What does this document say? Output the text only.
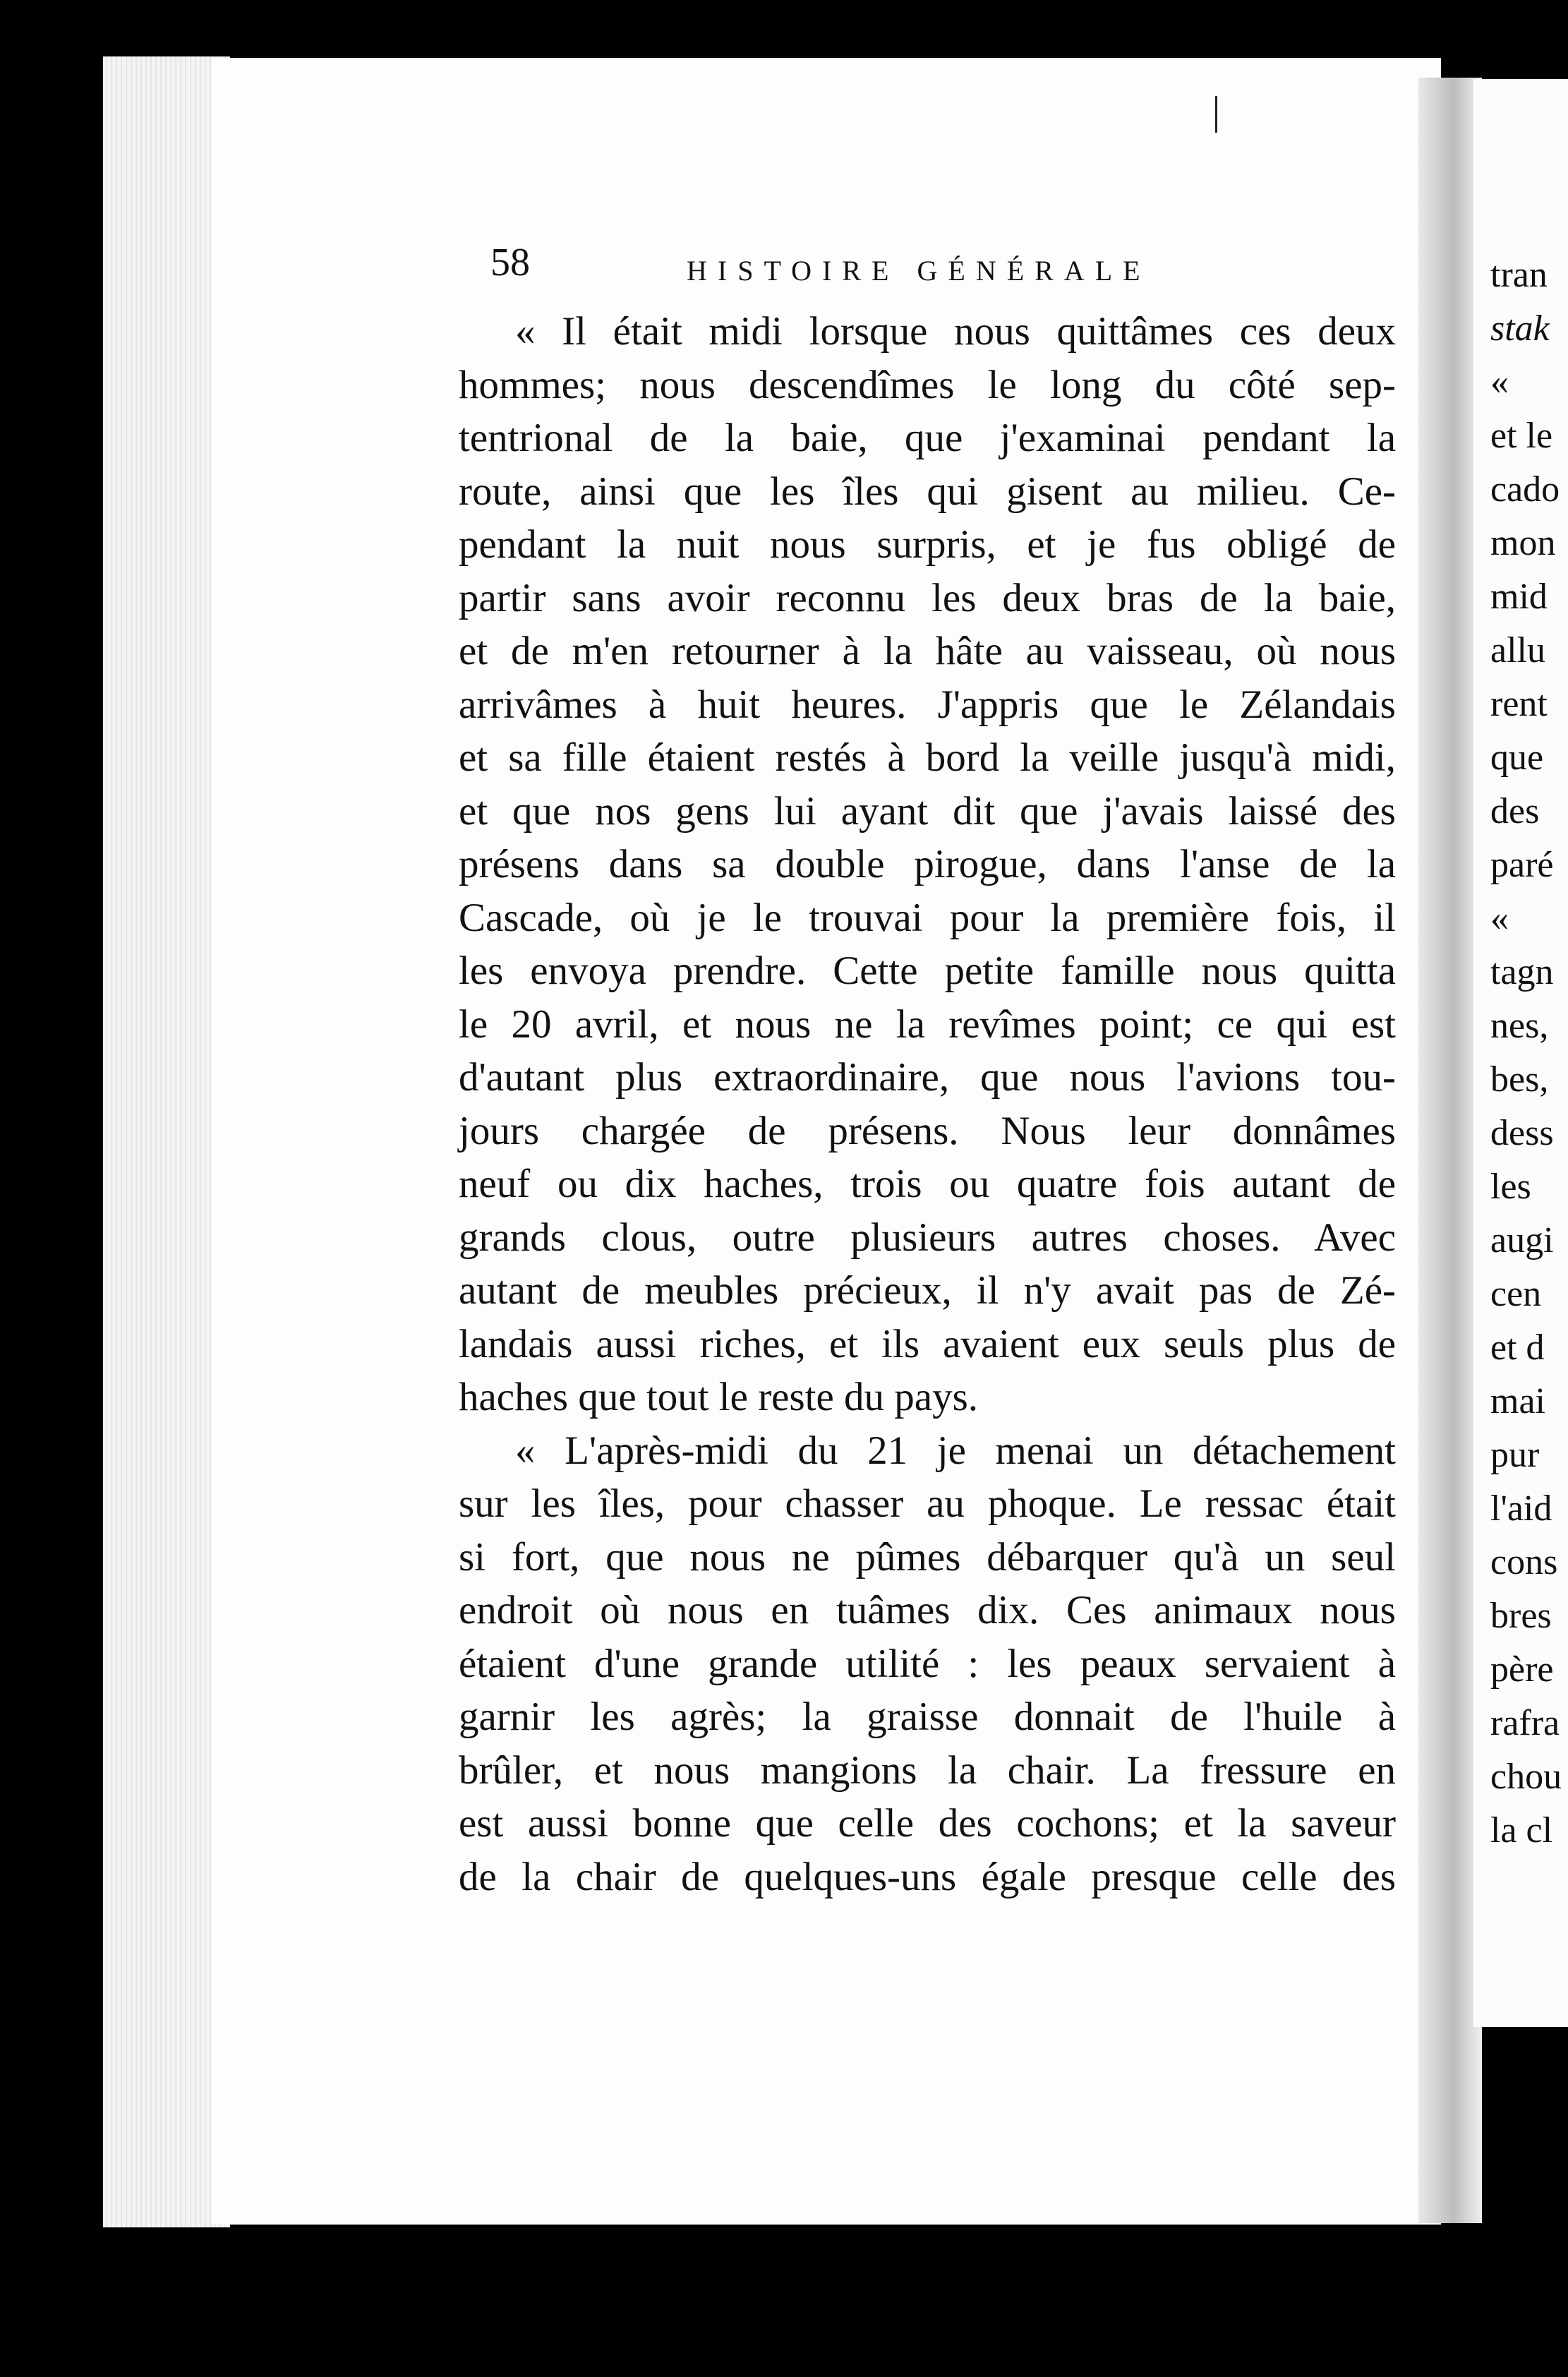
tran
stak
«
et le
cado
mon
mid
allu
rent
que
des
paré
«
tagn
nes,
bes,
dess
les
augi
cen
et d
mai
pur
l'aid
cons
bres
père
rafra
chou
la cl
58	HISTOIRE GÉNÉRALE
« Il était midi lorsque nous quittâmes ces deux
hommes; nous descendîmes le long du côté sep-
tentrional de la baie, que j'examinai pendant la
route, ainsi que les îles qui gisent au milieu. Ce-
pendant la nuit nous surpris, et je fus obligé de
partir sans avoir reconnu les deux bras de la baie,
et de m'en retourner à la hâte au vaisseau, où nous
arrivâmes à huit heures. J'appris que le Zélandais
et sa fille étaient restés à bord la veille jusqu'à midi,
et que nos gens lui ayant dit que j'avais laissé des
présens dans sa double pirogue, dans l'anse de la
Cascade, où je le trouvai pour la première fois, il
les envoya prendre. Cette petite famille nous quitta
le 20 avril, et nous ne la revîmes point; ce qui est
d'autant plus extraordinaire, que nous l'avions tou-
jours chargée de présens. Nous leur donnâmes
neuf ou dix haches, trois ou quatre fois autant de
grands clous, outre plusieurs autres choses. Avec
autant de meubles précieux, il n'y avait pas de Zé-
landais aussi riches, et ils avaient eux seuls plus de
haches que tout le reste du pays.
« L'après-midi du 21 je menai un détachement
sur les îles, pour chasser au phoque. Le ressac était
si fort, que nous ne pûmes débarquer qu'à un seul
endroit où nous en tuâmes dix. Ces animaux nous
étaient d'une grande utilité : les peaux servaient à
garnir les agrès; la graisse donnait de l'huile à
brûler, et nous mangions la chair. La fressure en
est aussi bonne que celle des cochons; et la saveur
de la chair de quelques-uns égale presque celle des
